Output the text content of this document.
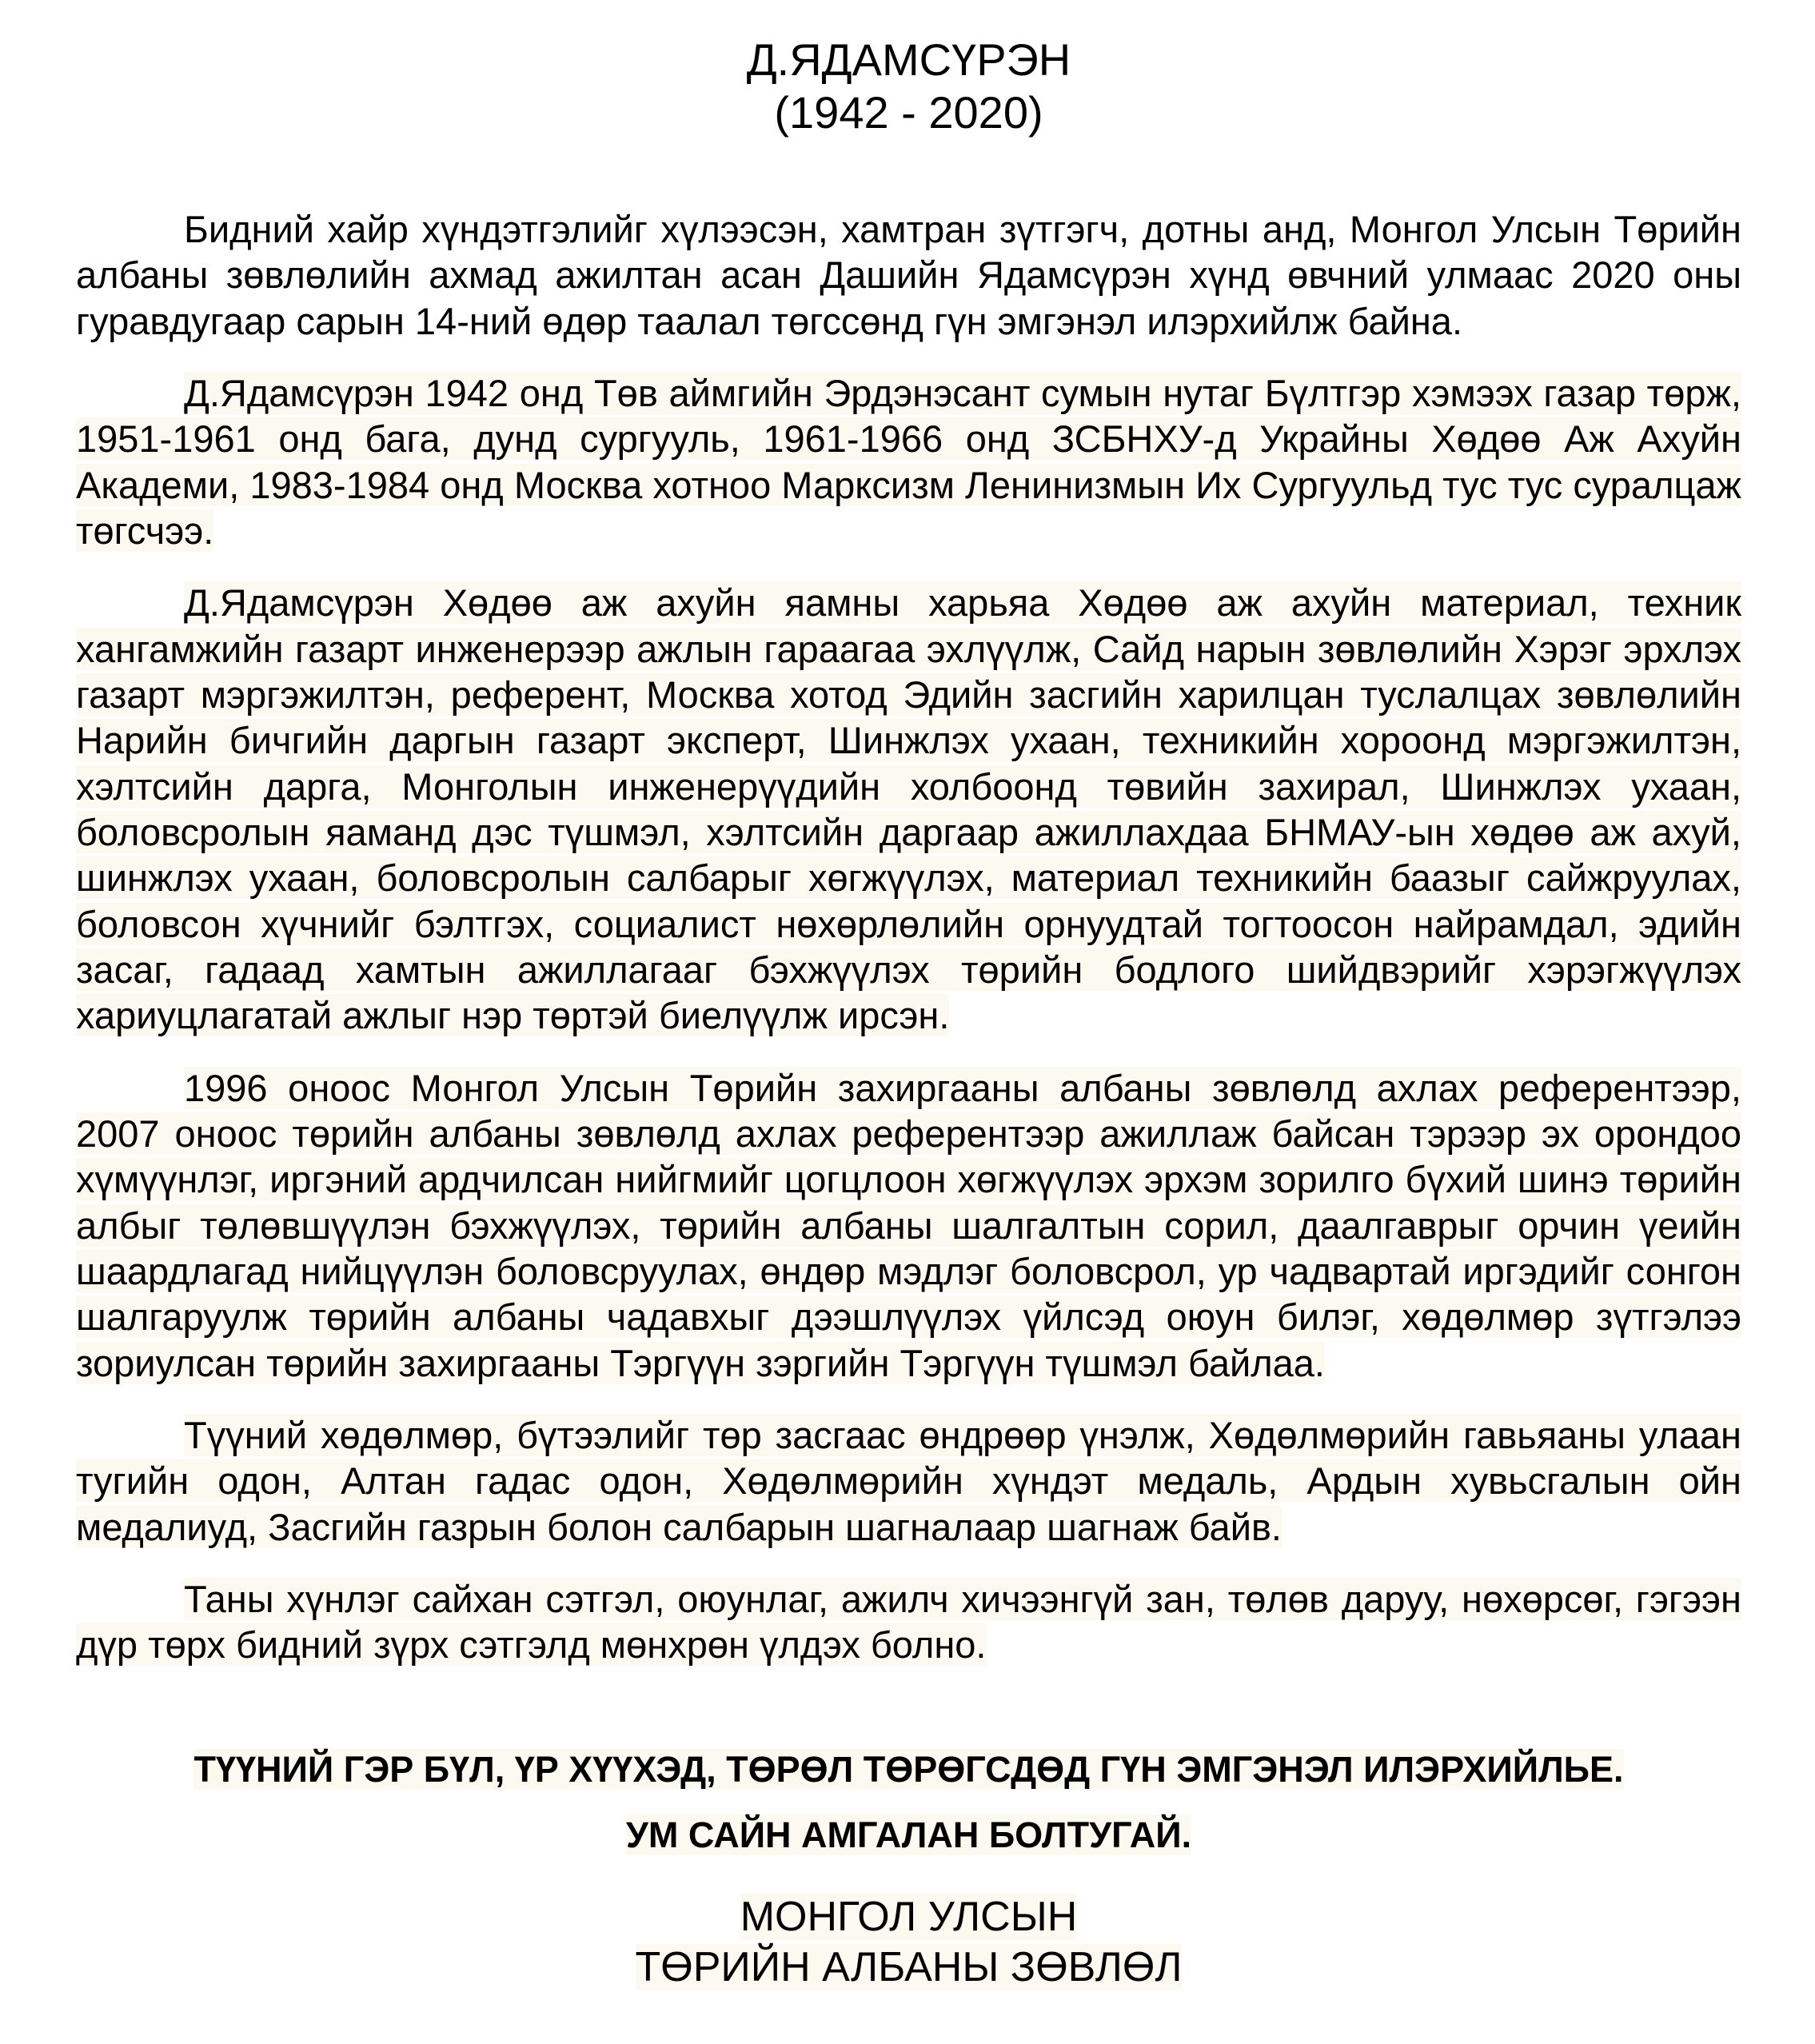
Д.ЯДАМСҮРЭН
(1942 - 2020)

Бидний хайр хүндэтгэлийг хүлээсэн, хамтран зүтгэгч, дотны анд, Монгол Улсын Төрийн албаны зөвлөлийн ахмад ажилтан асан Дашийн Ядамсүрэн хүнд өвчний улмаас 2020 оны гуравдугаар сарын 14-ний өдөр таалал төгссөнд гүн эмгэнэл илэрхийлж байна.

Д.Ядамсүрэн 1942 онд Төв аймгийн Эрдэнэсант сумын нутаг Бүлтгэр хэмээх газар төрж, 1951-1961 онд бага, дунд сургууль, 1961-1966 онд ЗСБНХУ-д Украйны Хөдөө Аж Ахуйн Академи, 1983-1984 онд Москва хотноо Марксизм Ленинизмын Их Сургуульд тус тус суралцаж төгсчээ.

Д.Ядамсүрэн Хөдөө аж ахуйн яамны харьяа Хөдөө аж ахуйн материал, техник хангамжийн газарт инженерээр ажлын гараагаа эхлүүлж, Сайд нарын зөвлөлийн Хэрэг эрхлэх газарт мэргэжилтэн, референт, Москва хотод Эдийн засгийн харилцан туслалцах зөвлөлийн Нарийн бичгийн даргын газарт эксперт, Шинжлэх ухаан, техникийн хороонд мэргэжилтэн, хэлтсийн дарга, Монголын инженерүүдийн холбоонд төвийн захирал, Шинжлэх ухаан, боловсролын яаманд дэс түшмэл, хэлтсийн даргаар ажиллахдаа БНМАУ-ын хөдөө аж ахуй, шинжлэх ухаан, боловсролын салбарыг хөгжүүлэх, материал техникийн баазыг сайжруулах, боловсон хүчнийг бэлтгэх, социалист нөхөрлөлийн орнуудтай тогтоосон найрамдал, эдийн засаг, гадаад хамтын ажиллагааг бэхжүүлэх төрийн бодлого шийдвэрийг хэрэгжүүлэх хариуцлагатай ажлыг нэр төртэй биелүүлж ирсэн.

1996 оноос Монгол Улсын Төрийн захиргааны албаны зөвлөлд ахлах референтээр, 2007 оноос төрийн албаны зөвлөлд ахлах референтээр ажиллаж байсан тэрээр эх орондоо хүмүүнлэг, иргэний ардчилсан нийгмийг цогцлоон хөгжүүлэх эрхэм зорилго бүхий шинэ төрийн албыг төлөвшүүлэн бэхжүүлэх, төрийн албаны шалгалтын сорил, даалгаврыг орчин үеийн шаардлагад нийцүүлэн боловсруулах, өндөр мэдлэг боловсрол, ур чадвартай иргэдийг сонгон шалгаруулж төрийн албаны чадавхыг дээшлүүлэх үйлсэд оюун билэг, хөдөлмөр зүтгэлээ зориулсан төрийн захиргааны Тэргүүн зэргийн Тэргүүн түшмэл байлаа.

Түүний хөдөлмөр, бүтээлийг төр засгаас өндрөөр үнэлж, Хөдөлмөрийн гавьяаны улаан тугийн одон, Алтан гадас одон, Хөдөлмөрийн хүндэт медаль, Ардын хувьсгалын ойн медалиуд, Засгийн газрын болон салбарын шагналаар шагнаж байв.

Таны хүнлэг сайхан сэтгэл, оюунлаг, ажилч хичээнгүй зан, төлөв даруу, нөхөрсөг, гэгээн дүр төрх бидний зүрх сэтгэлд мөнхрөн үлдэх болно.

ТҮҮНИЙ ГЭР БҮЛ, ҮР ХҮҮХЭД, ТӨРӨЛ ТӨРӨГСДӨД ГҮН ЭМГЭНЭЛ ИЛЭРХИЙЛЬЕ.

УМ САЙН АМГАЛАН БОЛТУГАЙ.

МОНГОЛ УЛСЫН
ТӨРИЙН АЛБАНЫ ЗӨВЛӨЛ
